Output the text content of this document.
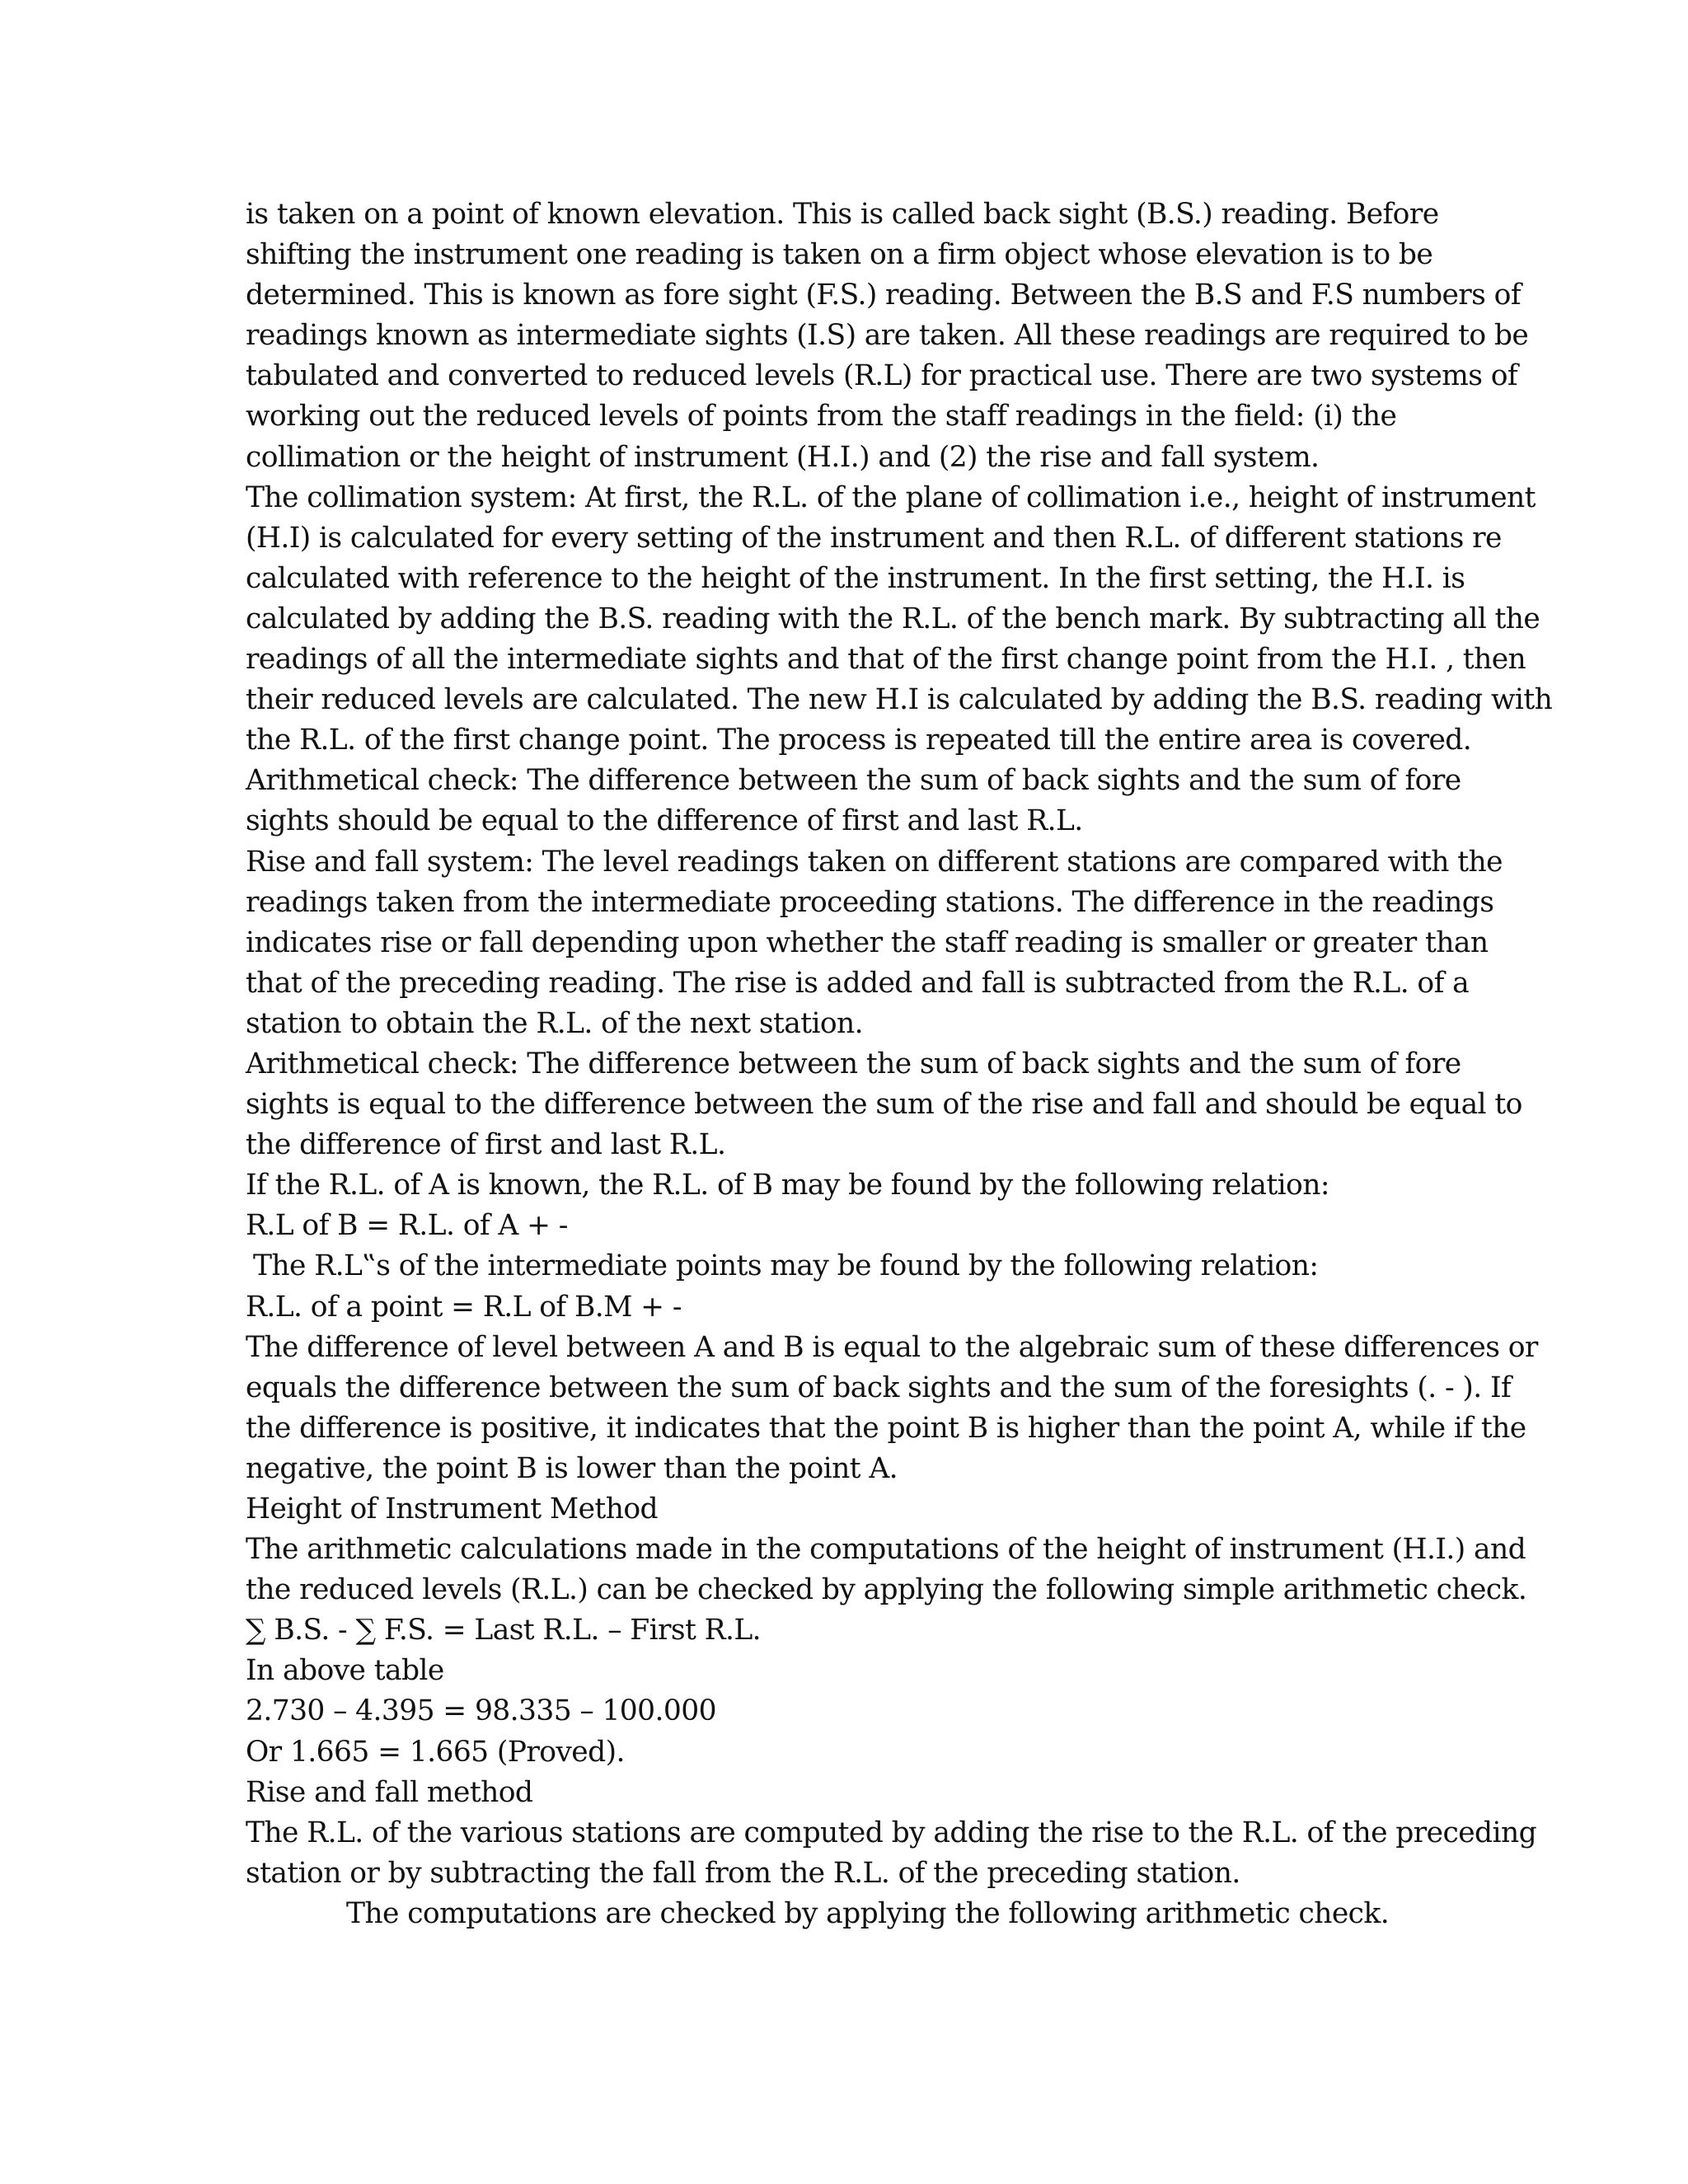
is taken on a point of known elevation. This is called back sight (B.S.) reading. Before
shifting the instrument one reading is taken on a firm object whose elevation is to be
determined. This is known as fore sight (F.S.) reading. Between the B.S and F.S numbers of
readings known as intermediate sights (I.S) are taken. All these readings are required to be
tabulated and converted to reduced levels (R.L) for practical use. There are two systems of
working out the reduced levels of points from the staff readings in the field: (i) the
collimation or the height of instrument (H.I.) and (2) the rise and fall system.
The collimation system: At first, the R.L. of the plane of collimation i.e., height of instrument
(H.I) is calculated for every setting of the instrument and then R.L. of different stations re
calculated with reference to the height of the instrument. In the first setting, the H.I. is
calculated by adding the B.S. reading with the R.L. of the bench mark. By subtracting all the
readings of all the intermediate sights and that of the first change point from the H.I. , then
their reduced levels are calculated. The new H.I is calculated by adding the B.S. reading with
the R.L. of the first change point. The process is repeated till the entire area is covered.
Arithmetical check: The difference between the sum of back sights and the sum of fore
sights should be equal to the difference of first and last R.L.
Rise and fall system: The level readings taken on different stations are compared with the
readings taken from the intermediate proceeding stations. The difference in the readings
indicates rise or fall depending upon whether the staff reading is smaller or greater than
that of the preceding reading. The rise is added and fall is subtracted from the R.L. of a
station to obtain the R.L. of the next station.
Arithmetical check: The difference between the sum of back sights and the sum of fore
sights is equal to the difference between the sum of the rise and fall and should be equal to
the difference of first and last R.L.
If the R.L. of A is known, the R.L. of B may be found by the following relation:
R.L of B = R.L. of A + -
The R.L‟s of the intermediate points may be found by the following relation:
R.L. of a point = R.L of B.M + -
The difference of level between A and B is equal to the algebraic sum of these differences or
equals the difference between the sum of back sights and the sum of the foresights (. - ). If
the difference is positive, it indicates that the point B is higher than the point A, while if the
negative, the point B is lower than the point A.
Height of Instrument Method
The arithmetic calculations made in the computations of the height of instrument (H.I.) and
the reduced levels (R.L.) can be checked by applying the following simple arithmetic check.
∑ B.S. - ∑ F.S. = Last R.L. – First R.L.
In above table
2.730 – 4.395 = 98.335 – 100.000
Or 1.665 = 1.665 (Proved).
Rise and fall method
The R.L. of the various stations are computed by adding the rise to the R.L. of the preceding
station or by subtracting the fall from the R.L. of the preceding station.
The computations are checked by applying the following arithmetic check.
